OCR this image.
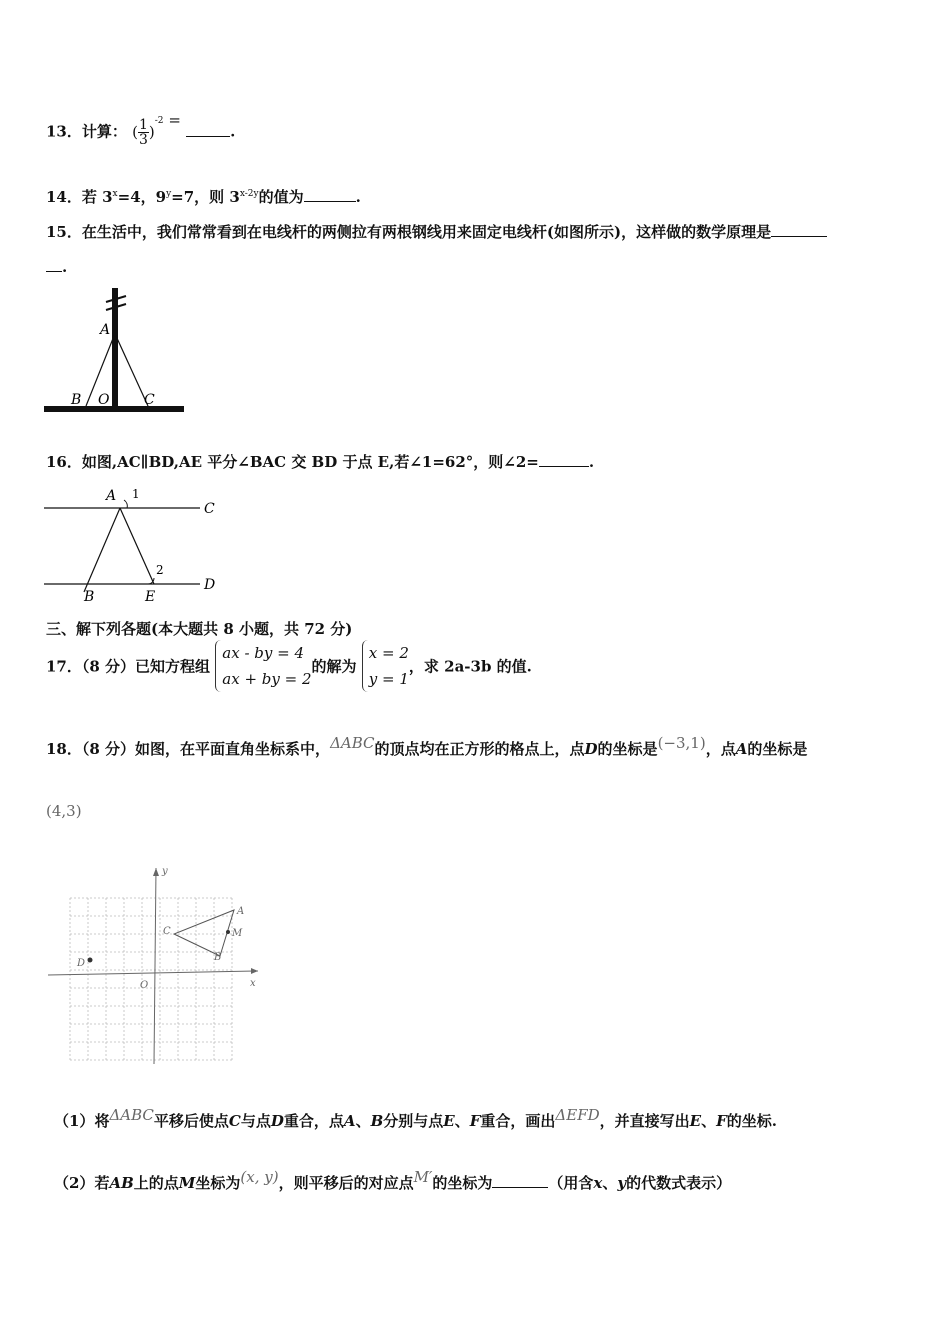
13．计算： ( $\frac{1}{3} )^{-2}$ = .
14．若 $3^x=4$，$9^y=7$，则 $3^{x-2y}$的值为	.
15．在生活中，我们常常看到在电线杆的两侧拉有两根钢线用来固定电线杆(如图所示)，这样做的数学原理是
.
A
B O C
16．如图,AC∥BD,AE 平分∠BAC 交 BD 于点 E,若∠1=62°，则∠2=	.
A 1
C
2
D
B	E
三、解下列各题(本大题共 8 小题，共 72 分)
17．（8 分）已知方程组
ax - by = 4
ax + by = 2
的解为
x = 2
y = 1
，求 2a-3b 的值.
18．（8 分）如图，在平面直角坐标系中，ΔABC的顶点均在正方形的格点上，点D的坐标是(−3,1)，点A的坐标是
(4,3)
y
x
O
A
C	M
B
D
（1）将ΔABC平移后使点C与点D重合，点A、B分别与点E、F重合，画出ΔEFD，并直接写出E、F的坐标.
（2）若AB上的点M坐标为(x, y)，则平移后的对应点M′的坐标为	（用含x、y的代数式表示）
